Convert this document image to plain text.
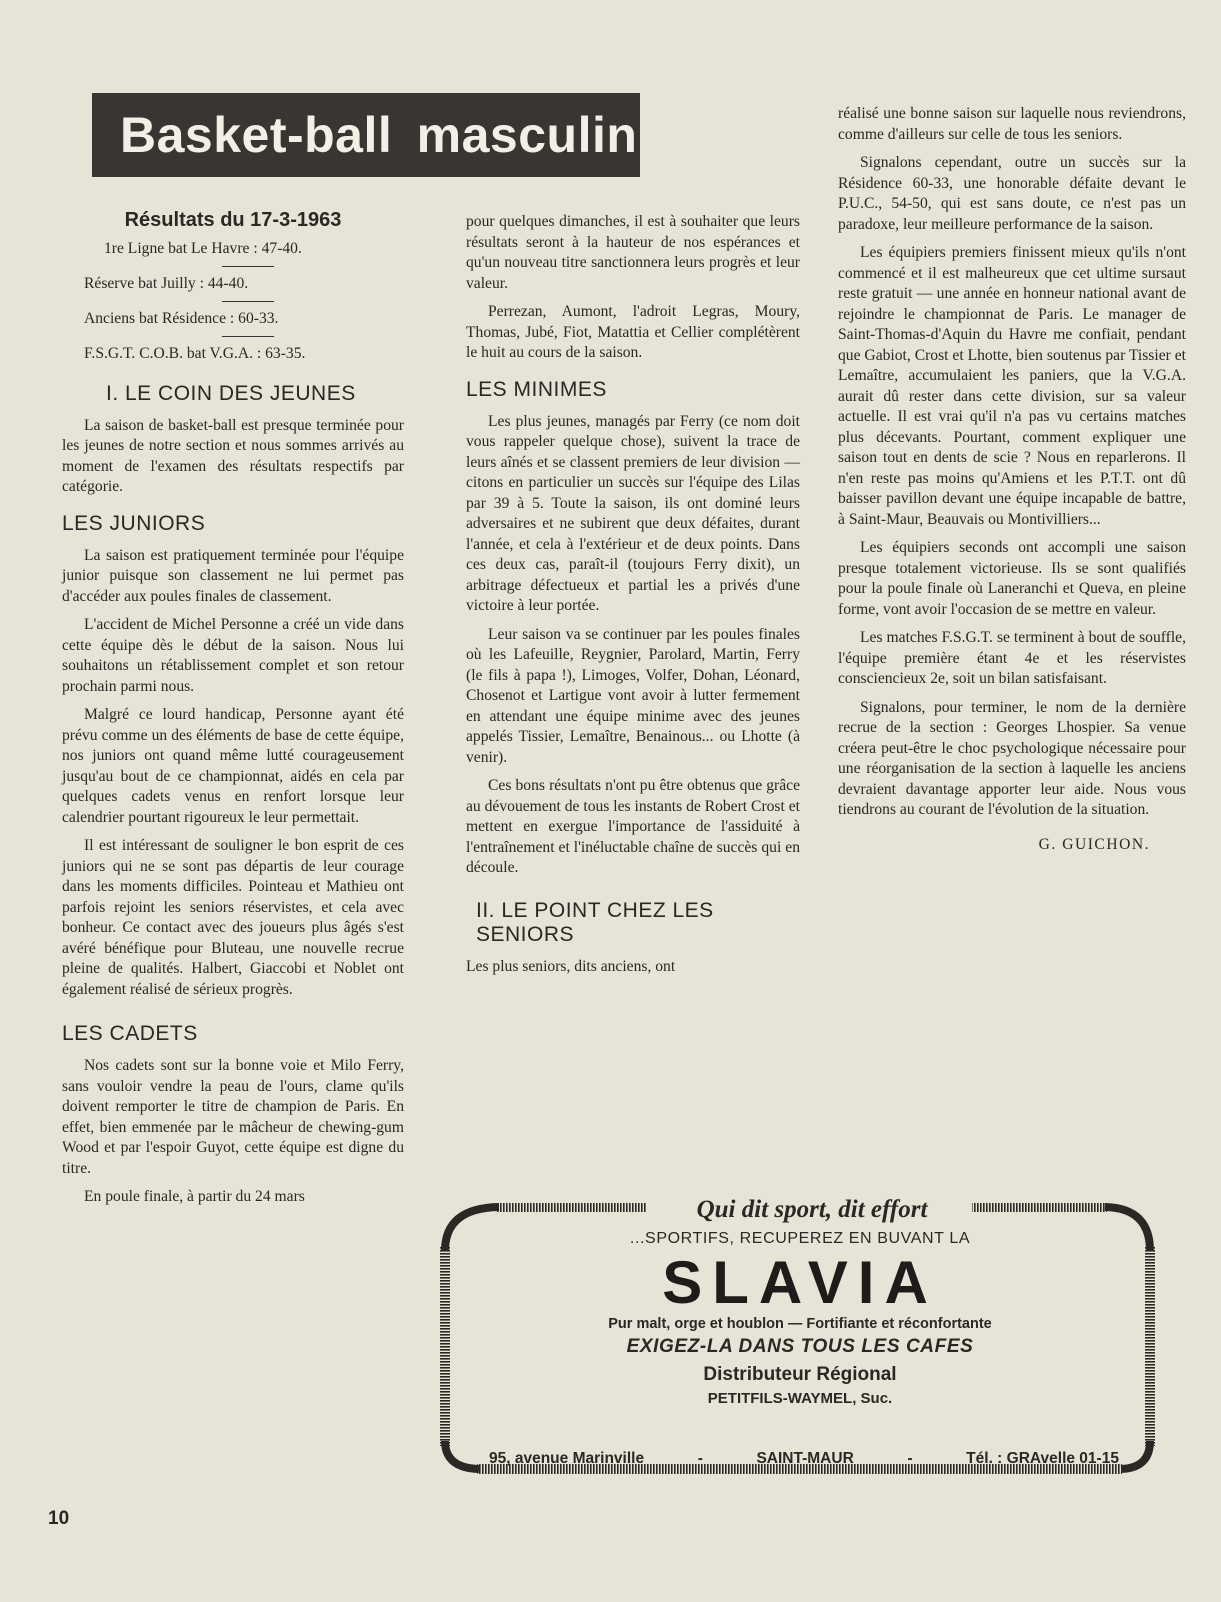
Basket-ball masculin
Résultats du 17-3-1963
1re Ligne bat Le Havre : 47-40.
Réserve bat Juilly : 44-40.
Anciens bat Résidence : 60-33.
F.S.G.T. C.O.B. bat V.G.A. : 63-35.
I. LE COIN DES JEUNES

La saison de basket-ball est presque terminée pour les jeunes de notre section et nous sommes arrivés au moment de l'examen des résultats respectifs par catégorie.

LES JUNIORS

La saison est pratiquement terminée pour l'équipe junior puisque son classement ne lui permet pas d'accéder aux poules finales de classement.

L'accident de Michel Personne a créé un vide dans cette équipe dès le début de la saison. Nous lui souhaitons un rétablissement complet et son retour prochain parmi nous.

Malgré ce lourd handicap, Personne ayant été prévu comme un des éléments de base de cette équipe, nos juniors ont quand même lutté courageusement jusqu'au bout de ce championnat, aidés en cela par quelques cadets venus en renfort lorsque leur calendrier pourtant rigoureux le leur permettait.

Il est intéressant de souligner le bon esprit de ces juniors qui ne se sont pas départis de leur courage dans les moments difficiles. Pointeau et Mathieu ont parfois rejoint les seniors réservistes, et cela avec bonheur. Ce contact avec des joueurs plus âgés s'est avéré bénéfique pour Bluteau, une nouvelle recrue pleine de qualités. Halbert, Giaccobi et Noblet ont également réalisé de sérieux progrès.

LES CADETS

Nos cadets sont sur la bonne voie et Milo Ferry, sans vouloir vendre la peau de l'ours, clame qu'ils doivent remporter le titre de champion de Paris. En effet, bien emmenée par le mâcheur de chewing-gum Wood et par l'espoir Guyot, cette équipe est digne du titre.

En poule finale, à partir du 24 mars

pour quelques dimanches, il est à souhaiter que leurs résultats seront à la hauteur de nos espérances et qu'un nouveau titre sanctionnera leurs progrès et leur valeur.

Perrezan, Aumont, l'adroit Legras, Moury, Thomas, Jubé, Fiot, Matattia et Cellier complétèrent le huit au cours de la saison.

LES MINIMES

Les plus jeunes, managés par Ferry (ce nom doit vous rappeler quelque chose), suivent la trace de leurs aînés et se classent premiers de leur division — citons en particulier un succès sur l'équipe des Lilas par 39 à 5. Toute la saison, ils ont dominé leurs adversaires et ne subirent que deux défaites, durant l'année, et cela à l'extérieur et de deux points. Dans ces deux cas, paraît-il (toujours Ferry dixit), un arbitrage défectueux et partial les a privés d'une victoire à leur portée.

Leur saison va se continuer par les poules finales où les Lafeuille, Reygnier, Parolard, Martin, Ferry (le fils à papa !), Limoges, Volfer, Dohan, Léonard, Chosenot et Lartigue vont avoir à lutter fermement en attendant une équipe minime avec des jeunes appelés Tissier, Lemaître, Benainous... ou Lhotte (à venir).

Ces bons résultats n'ont pu être obtenus que grâce au dévouement de tous les instants de Robert Crost et mettent en exergue l'importance de l'assiduité à l'entraînement et l'inéluctable chaîne de succès qui en découle.

II. LE POINT CHEZ LES SENIORS

Les plus seniors, dits anciens, ont

réalisé une bonne saison sur laquelle nous reviendrons, comme d'ailleurs sur celle de tous les seniors.

Signalons cependant, outre un succès sur la Résidence 60-33, une honorable défaite devant le P.U.C., 54-50, qui est sans doute, ce n'est pas un paradoxe, leur meilleure performance de la saison.

Les équipiers premiers finissent mieux qu'ils n'ont commencé et il est malheureux que cet ultime sursaut reste gratuit — une année en honneur national avant de rejoindre le championnat de Paris. Le manager de Saint-Thomas-d'Aquin du Havre me confiait, pendant que Gabiot, Crost et Lhotte, bien soutenus par Tissier et Lemaître, accumulaient les paniers, que la V.G.A. aurait dû rester dans cette division, sur sa valeur actuelle. Il est vrai qu'il n'a pas vu certains matches plus décevants. Pourtant, comment expliquer une saison tout en dents de scie ? Nous en reparlerons. Il n'en reste pas moins qu'Amiens et les P.T.T. ont dû baisser pavillon devant une équipe incapable de battre, à Saint-Maur, Beauvais ou Montivilliers...

Les équipiers seconds ont accompli une saison presque totalement victorieuse. Ils se sont qualifiés pour la poule finale où Laneranchi et Queva, en pleine forme, vont avoir l'occasion de se mettre en valeur.

Les matches F.S.G.T. se terminent à bout de souffle, l'équipe première étant 4e et les réservistes consciencieux 2e, soit un bilan satisfaisant.

Signalons, pour terminer, le nom de la dernière recrue de la section : Georges Lhospier. Sa venue créera peut-être le choc psychologique nécessaire pour une réorganisation de la section à laquelle les anciens devraient davantage apporter leur aide. Nous vous tiendrons au courant de l'évolution de la situation.

G. GUICHON.
Qui dit sport, dit effort
...SPORTIFS, RECUPEREZ EN BUVANT LA
SLAVIA
Pur malt, orge et houblon — Fortifiante et réconfortante
EXIGEZ-LA DANS TOUS LES CAFES
Distributeur Régional
PETITFILS-WAYMEL, Suc.
95, avenue Marinville	-	SAINT-MAUR	-	Tél. : GRAvelle 01-15
10
